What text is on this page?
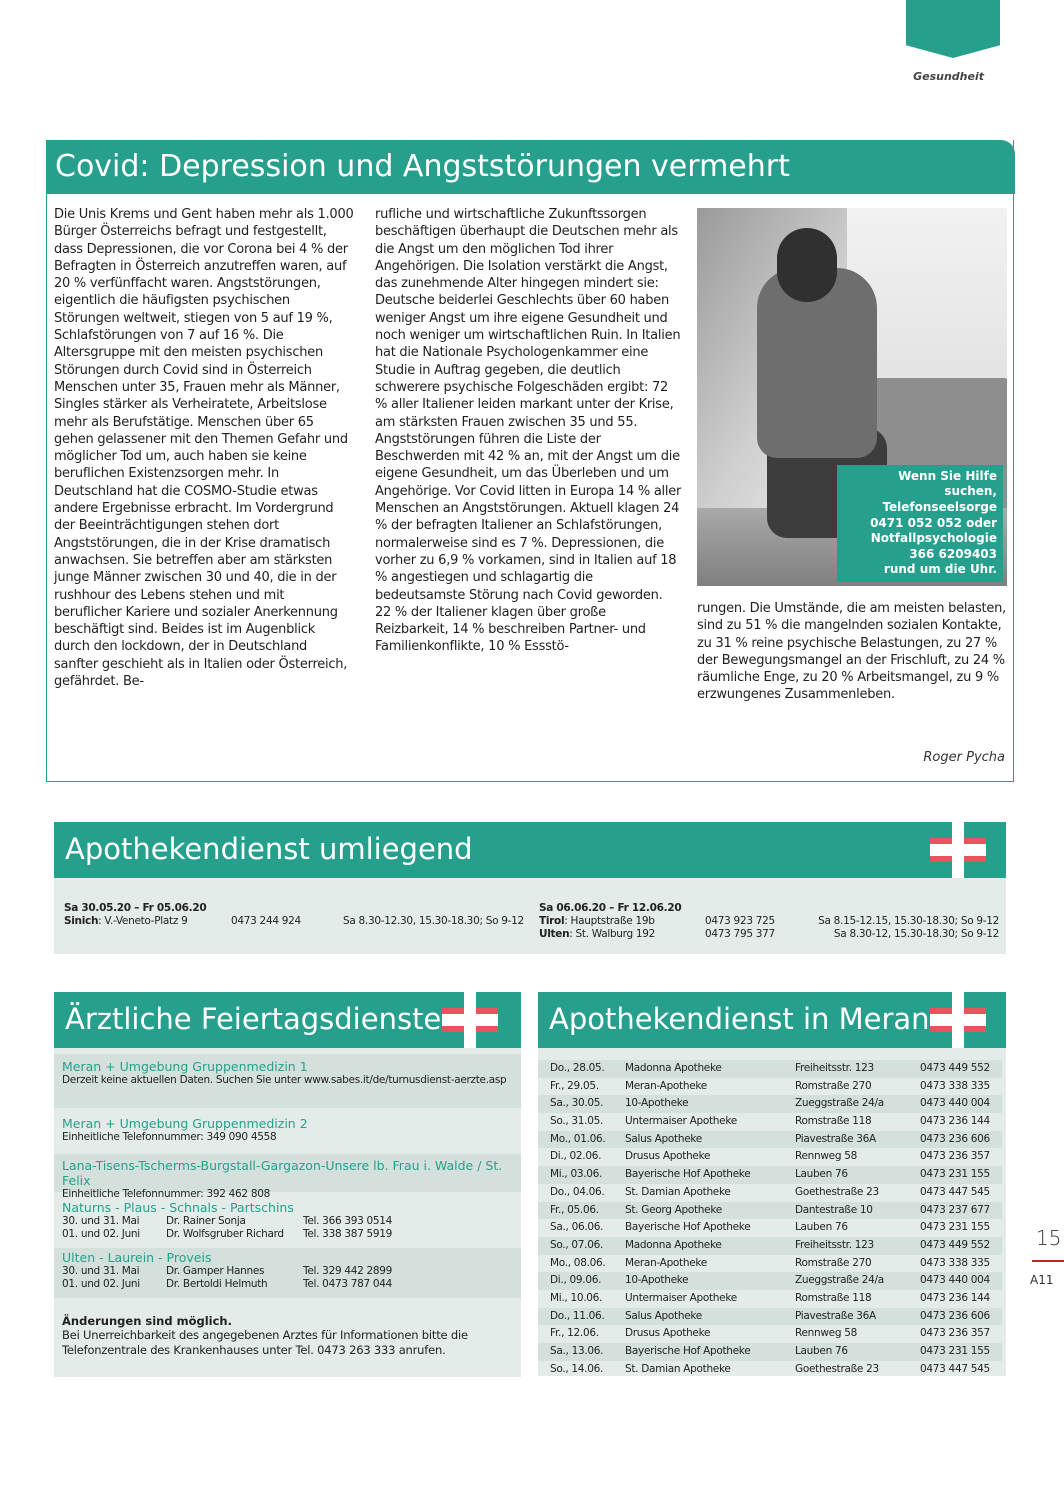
Gesundheit
Covid: Depression und Angststörungen vermehrt
Die Unis Krems und Gent haben mehr als 1.000 Bürger Österreichs befragt und festgestellt, dass Depressionen, die vor Corona bei 4 % der Befragten in Österreich anzutreffen waren, auf 20 % verfünffacht waren. Angststörungen, eigentlich die häufigsten psychischen Störungen weltweit, stiegen von 5 auf 19 %, Schlafstörungen von 7 auf 16 %. Die Altersgruppe mit den meisten psychischen Störungen durch Covid sind in Österreich Menschen unter 35, Frauen mehr als Männer, Singles stärker als Verheiratete, Arbeitslose mehr als Berufstätige. Menschen über 65 gehen gelassener mit den Themen Gefahr und möglicher Tod um, auch haben sie keine beruflichen Existenzsorgen mehr. In Deutschland hat die COSMO-Studie etwas andere Ergebnisse erbracht. Im Vordergrund der Beeinträchtigungen stehen dort Angststörungen, die in der Krise dramatisch anwachsen. Sie betreffen aber am stärksten junge Männer zwischen 30 und 40, die in der rushhour des Lebens stehen und mit beruflicher Kariere und sozialer Anerkennung beschäftigt sind. Beides ist im Augenblick durch den lockdown, der in Deutschland sanfter geschieht als in Italien oder Österreich, gefährdet. Be-
rufliche und wirtschaftliche Zukunftssorgen beschäftigen überhaupt die Deutschen mehr als die Angst um den möglichen Tod ihrer Angehörigen. Die Isolation verstärkt die Angst, das zunehmende Alter hingegen mindert sie: Deutsche beiderlei Geschlechts über 60 haben weniger Angst um ihre eigene Gesundheit und noch weniger um wirtschaftlichen Ruin. In Italien hat die Nationale Psychologenkammer eine Studie in Auftrag gegeben, die deutlich schwerere psychische Folgeschäden ergibt: 72 % aller Italiener leiden markant unter der Krise, am stärksten Frauen zwischen 35 und 55. Angststörungen führen die Liste der Beschwerden mit 42 % an, mit der Angst um die eigene Gesundheit, um das Überleben und um Angehörige. Vor Covid litten in Europa 14 % aller Menschen an Angststörungen. Aktuell klagen 24 % der befragten Italiener an Schlafstörungen, normalerweise sind es 7 %. Depressionen, die vorher zu 6,9 % vorkamen, sind in Italien auf 18 % angestiegen und schlagartig die bedeutsamste Störung nach Covid geworden. 22 % der Italiener klagen über große Reizbarkeit, 14 % beschreiben Partner- und Familienkonflikte, 10 % Essstö-
Wenn Sie Hilfe suchen,
Telefonseelsorge
0471 052 052 oder
Notfallpsychologie
366 6209403
rund um die Uhr.
rungen. Die Umstände, die am meisten belasten, sind zu 51 % die mangelnden sozialen Kontakte, zu 31 % reine psychische Belastungen, zu 27 % der Bewegungsmangel an der Frischluft, zu 24 % räumliche Enge, zu 20 % Arbeitsmangel, zu 9 % erzwungenes Zusammenleben.
Roger Pycha
Apothekendienst umliegend
Sa 30.05.20 – Fr 05.06.20
Sinich: V.-Veneto-Platz 9	0473 244 924	Sa 8.30-12.30, 15.30-18.30; So 9-12
Sa 06.06.20 – Fr 12.06.20
Tirol: Hauptstraße 19b	0473 923 725	Sa 8.15-12.15, 15.30-18.30; So 9-12
Ulten: St. Walburg 192	0473 795 377	Sa 8.30-12, 15.30-18.30; So 9-12
Ärztliche Feiertagsdienste
Meran + Umgebung Gruppenmedizin 1
Derzeit keine aktuellen Daten. Suchen Sie unter www.sabes.it/de/turnusdienst-aerzte.asp
Meran + Umgebung Gruppenmedizin 2
Einheitliche Telefonnummer: 349 090 4558
Lana-Tisens-Tscherms-Burgstall-Gargazon-Unsere lb. Frau i. Walde / St. Felix
Einheitliche Telefonnummer: 392 462 808
Naturns - Plaus - Schnals - Partschins
30. und 31. Mai	Dr. Rainer Sonja	Tel. 366 393 0514
01. und 02. Juni Dr. Wolfsgruber Richard Tel. 338 387 5919
Ulten - Laurein - Proveis
30. und 31. Mai	Dr. Gamper Hannes	Tel. 329 442 2899
01. und 02. Juni Dr. Bertoldi Helmuth	Tel. 0473 787 044
Änderungen sind möglich.
Bei Unerreichbarkeit des angegebenen Arztes für Informationen bitte die Telefonzentrale des Krankenhauses unter Tel. 0473 263 333 anrufen.
Apothekendienst in Meran
Do., 28.05. Madonna Apotheke	Freiheitsstr. 123	0473 449 552
Fr., 29.05.	Meran-Apotheke	Romstraße 270	0473 338 335
Sa., 30.05. 10-Apotheke	Zueggstraße 24/a	0473 440 004
So., 31.05. Untermaiser Apotheke	Romstraße 118	0473 236 144
Mo., 01.06. Salus Apotheke	Piavestraße 36A	0473 236 606
Di., 02.06. Drusus Apotheke	Rennweg 58	0473 236 357
Mi., 03.06. Bayerische Hof Apotheke	Lauben 76	0473 231 155
Do., 04.06. St. Damian Apotheke	Goethestraße 23	0473 447 545
Fr., 05.06.	St. Georg Apotheke	Dantestraße 10	0473 237 677
Sa., 06.06. Bayerische Hof Apotheke	Lauben 76	0473 231 155
So., 07.06. Madonna Apotheke	Freiheitsstr. 123	0473 449 552
Mo., 08.06. Meran-Apotheke	Romstraße 270	0473 338 335
Di., 09.06. 10-Apotheke	Zueggstraße 24/a	0473 440 004
Mi., 10.06. Untermaiser Apotheke	Romstraße 118	0473 236 144
Do., 11.06. Salus Apotheke	Piavestraße 36A	0473 236 606
Fr., 12.06.	Drusus Apotheke	Rennweg 58	0473 236 357
Sa., 13.06. Bayerische Hof Apotheke	Lauben 76	0473 231 155
So., 14.06. St. Damian Apotheke	Goethestraße 23	0473 447 545
15
A11
